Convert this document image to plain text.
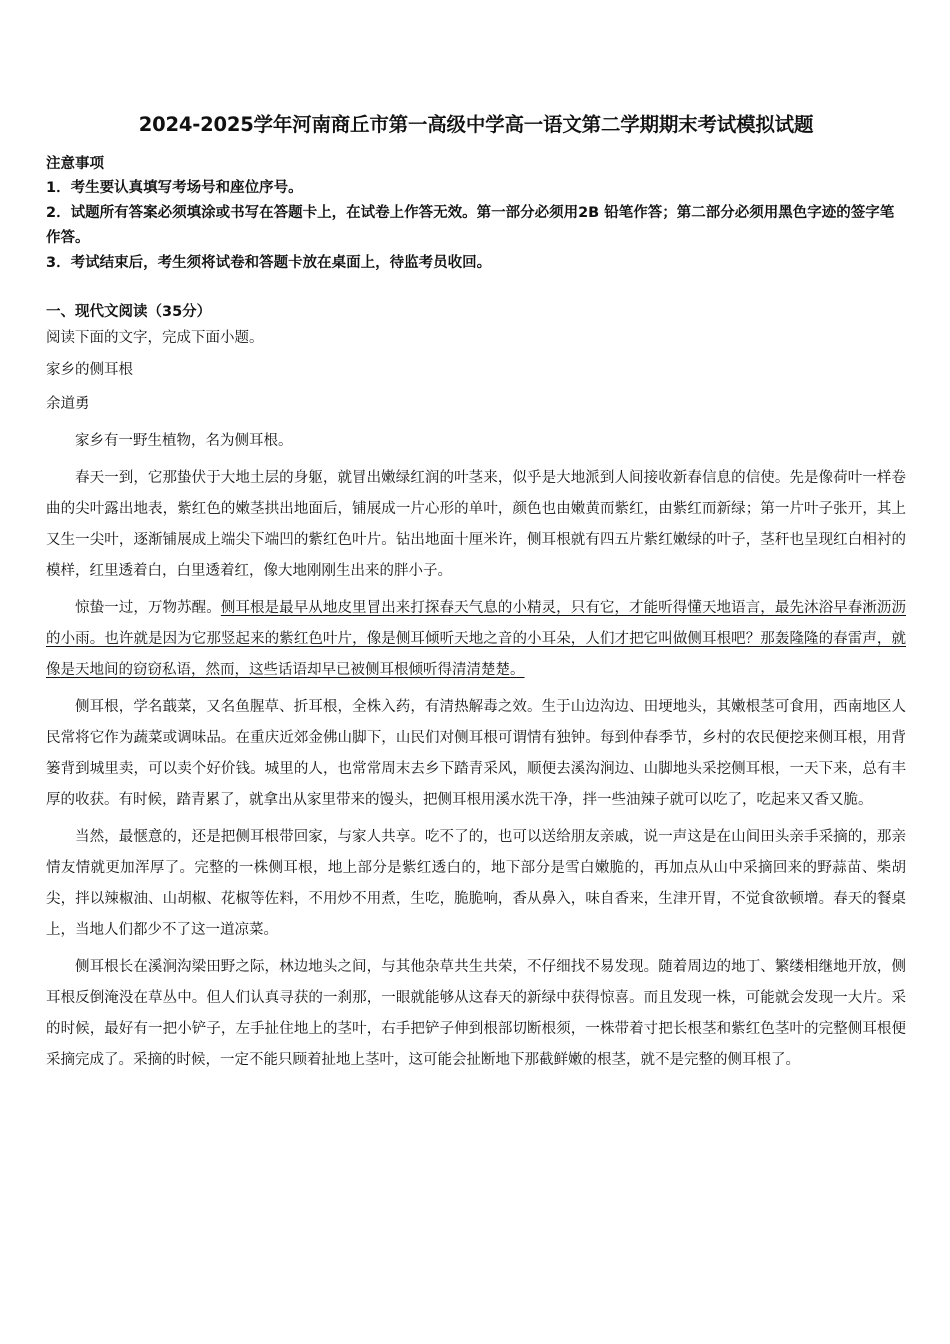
2024-2025学年河南商丘市第一高级中学高一语文第二学期期末考试模拟试题
注意事项

1．考生要认真填写考场号和座位序号。

2．试题所有答案必须填涂或书写在答题卡上，在试卷上作答无效。第一部分必须用2B 铅笔作答；第二部分必须用黑色字迹的签字笔作答。

3．考试结束后，考生须将试卷和答题卡放在桌面上，待监考员收回。

一、现代文阅读（35分）
阅读下面的文字，完成下面小题。
家乡的侧耳根
余道勇

家乡有一野生植物，名为侧耳根。

春天一到，它那蛰伏于大地土层的身躯，就冒出嫩绿红润的叶茎来，似乎是大地派到人间接收新春信息的信使。先是像荷叶一样卷曲的尖叶露出地表，紫红色的嫩茎拱出地面后，铺展成一片心形的单叶，颜色也由嫩黄而紫红，由紫红而新绿；第一片叶子张开，其上又生一尖叶，逐渐铺展成上端尖下端凹的紫红色叶片。钻出地面十厘米许，侧耳根就有四五片紫红嫩绿的叶子，茎秆也呈现红白相衬的模样，红里透着白，白里透着红，像大地刚刚生出来的胖小子。

惊蛰一过，万物苏醒。侧耳根是最早从地皮里冒出来打探春天气息的小精灵，只有它，才能听得懂天地语言，最先沐浴早春淅沥沥的小雨。也许就是因为它那竖起来的紫红色叶片，像是侧耳倾听天地之音的小耳朵，人们才把它叫做侧耳根吧？那轰隆隆的春雷声，就像是天地间的窃窃私语，然而，这些话语却早已被侧耳根倾听得清清楚楚。

侧耳根，学名蕺菜，又名鱼腥草、折耳根，全株入药，有清热解毒之效。生于山边沟边、田埂地头，其嫩根茎可食用，西南地区人民常将它作为蔬菜或调味品。在重庆近郊金佛山脚下，山民们对侧耳根可谓情有独钟。每到仲春季节，乡村的农民便挖来侧耳根，用背篓背到城里卖，可以卖个好价钱。城里的人，也常常周末去乡下踏青采风，顺便去溪沟涧边、山脚地头采挖侧耳根，一天下来，总有丰厚的收获。有时候，踏青累了，就拿出从家里带来的馒头，把侧耳根用溪水洗干净，拌一些油辣子就可以吃了，吃起来又香又脆。

当然，最惬意的，还是把侧耳根带回家，与家人共享。吃不了的，也可以送给朋友亲戚，说一声这是在山间田头亲手采摘的，那亲情友情就更加浑厚了。完整的一株侧耳根，地上部分是紫红透白的，地下部分是雪白嫩脆的，再加点从山中采摘回来的野蒜苗、柴胡尖，拌以辣椒油、山胡椒、花椒等佐料，不用炒不用煮，生吃，脆脆响，香从鼻入，味自香来，生津开胃，不觉食欲顿增。春天的餐桌上，当地人们都少不了这一道凉菜。

侧耳根长在溪涧沟梁田野之际，林边地头之间，与其他杂草共生共荣，不仔细找不易发现。随着周边的地丁、繁缕相继地开放，侧耳根反倒淹没在草丛中。但人们认真寻获的一刹那，一眼就能够从这春天的新绿中获得惊喜。而且发现一株，可能就会发现一大片。采的时候，最好有一把小铲子，左手扯住地上的茎叶，右手把铲子伸到根部切断根须，一株带着寸把长根茎和紫红色茎叶的完整侧耳根便采摘完成了。采摘的时候，一定不能只顾着扯地上茎叶，这可能会扯断地下那截鲜嫩的根茎，就不是完整的侧耳根了。
